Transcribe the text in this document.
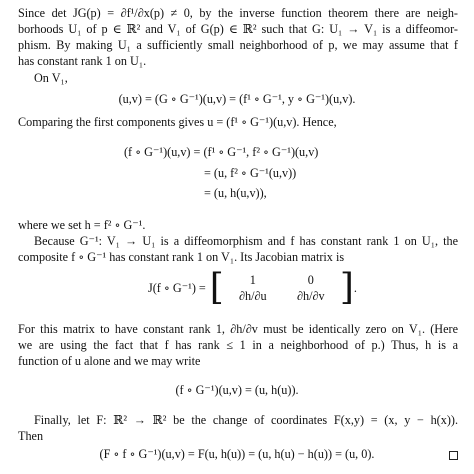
Since det JG(p) = ∂f¹/∂x(p) ≠ 0, by the inverse function theorem there are neigh-
borhoods U₁ of p ∈ ℝ² and V₁ of G(p) ∈ ℝ² such that G: U₁ → V₁ is a diffeomor-
phism. By making U₁ a sufficiently small neighborhood of p, we may assume that f
has constant rank 1 on U₁.
On V₁,
(u,v) = (G ∘ G⁻¹)(u,v) = (f¹ ∘ G⁻¹, y ∘ G⁻¹)(u,v).
Comparing the first components gives u = (f¹ ∘ G⁻¹)(u,v). Hence,
(f ∘ G⁻¹)(u,v) = (f¹ ∘ G⁻¹, f² ∘ G⁻¹)(u,v)
= (u, f² ∘ G⁻¹(u,v))
= (u, h(u,v)),
where we set h = f² ∘ G⁻¹.
Because G⁻¹: V₁ → U₁ is a diffeomorphism and f has constant rank 1 on U₁, the
composite f ∘ G⁻¹ has constant rank 1 on V₁. Its Jacobian matrix is
J(f ∘ G⁻¹) = [ 1	0
∂h/∂u ∂h/∂v ] .
For this matrix to have constant rank 1, ∂h/∂v must be identically zero on V₁. (Here
we are using the fact that f has rank ≤ 1 in a neighborhood of p.) Thus, h is a
function of u alone and we may write
(f ∘ G⁻¹)(u,v) = (u, h(u)).
Finally, let F: ℝ² → ℝ² be the change of coordinates F(x,y) = (x, y − h(x)).
Then
(F ∘ f ∘ G⁻¹)(u,v) = F(u, h(u)) = (u, h(u) − h(u)) = (u, 0).
